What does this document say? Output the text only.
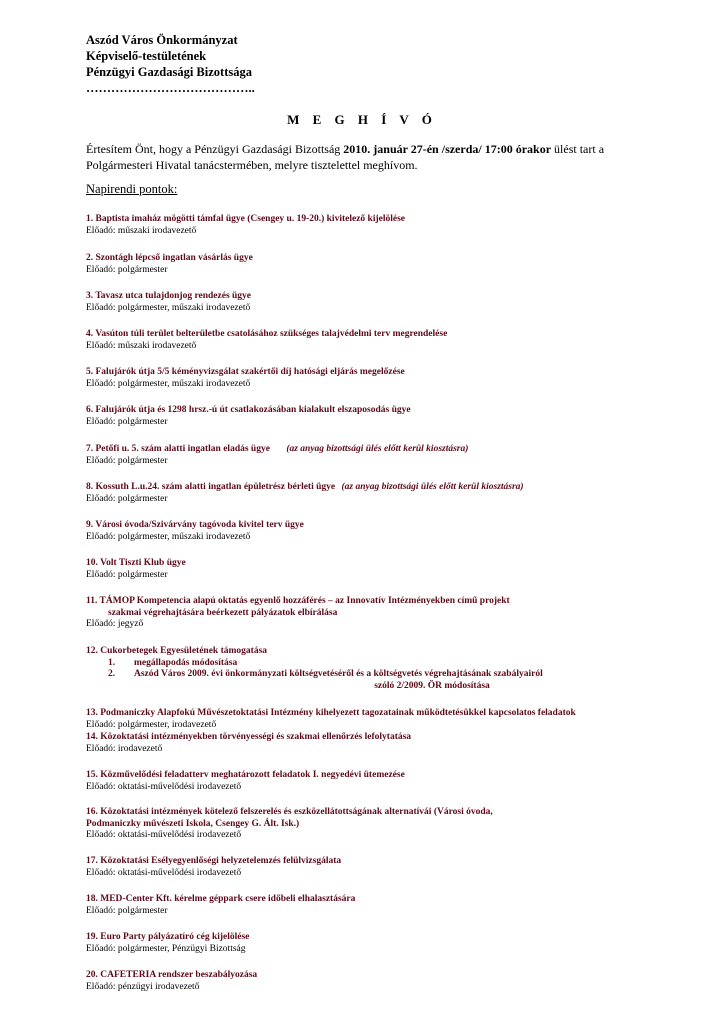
Aszód Város Önkormányzat
Képviselő-testületének
Pénzügyi Gazdasági Bizottsága
…………………………………..
M E G H Í V Ó
Értesítem Önt, hogy a Pénzügyi Gazdasági Bizottság 2010. január 27-én /szerda/ 17:00 órakor ülést tart a Polgármesteri Hivatal tanácstermében, melyre tisztelettel meghívom.
Napirendi pontok:
1. Baptista imaház mögötti támfal ügye (Csengey u. 19-20.) kivitelező kijelölése
Előadó: műszaki irodavezető
2. Szontágh lépcső ingatlan vásárlás ügye
Előadó: polgármester
3. Tavasz utca tulajdonjog rendezés ügye
Előadó: polgármester, műszaki irodavezető
4. Vasúton túli terület belterületbe csatolásához szükséges talajvédelmi terv megrendelése
Előadó: műszaki irodavezető
5. Falujárók útja 5/5 kéményvizsgálat szakértői díj hatósági eljárás megelőzése
Előadó: polgármester, műszaki irodavezető
6. Falujárók útja és 1298 hrsz.-ú út csatlakozásában kialakult elszaposodás ügye
Előadó: polgármester
7. Petőfi u. 5. szám alatti ingatlan eladás ügye (az anyag bizottsági ülés előtt kerül kiosztásra)
Előadó: polgármester
8. Kossuth L.u.24. szám alatti ingatlan épületrész bérleti ügye (az anyag bizottsági ülés előtt kerül kiosztásra)
Előadó: polgármester
9. Városi óvoda/Szivárvány tagóvoda kivitel terv ügye
Előadó: polgármester, műszaki irodavezető
10. Volt Tiszti Klub ügye
Előadó: polgármester
11. TÁMOP Kompetencia alapú oktatás egyenlő hozzáférés – az Innovatív Intézményekben című projekt
szakmai végrehajtására beérkezett pályázatok elbírálása
Előadó: jegyző
12. Cukorbetegek Egyesületének támogatása
1. megállapodás módosítása
2. Aszód Város 2009. évi önkormányzati költségvetéséről és a költségvetés végrehajtásának szabályairól
szóló 2/2009. ÖR módosítása
13. Podmaniczky Alapfokú Művészetoktatási Intézmény kihelyezett tagozatainak működtetésükkel kapcsolatos feladatok
Előadó: polgármester, irodavezető
14. Közoktatási intézményekben törvényességi és szakmai ellenőrzés lefolytatása
Előadó: irodavezető
15. Közművelődési feladatterv meghatározott feladatok I. negyedévi ütemezése
Előadó: oktatási-művelődési irodavezető
16. Közoktatási intézmények kötelező felszerelés és eszközellátottságának alternatívái (Városi óvoda,
Podmaniczky művészeti Iskola, Csengey G. Ált. Isk.)
Előadó: oktatási-művelődési irodavezető
17. Közoktatási Esélyegyenlőségi helyzetelemzés felülvizsgálata
Előadó: oktatási-művelődési irodavezető
18. MED-Center Kft. kérelme géppark csere időbeli elhalasztására
Előadó: polgármester
19. Euro Party pályázatíró cég kijelölése
Előadó: polgármester, Pénzügyi Bizottság
20. CAFETERIA rendszer beszabályozása
Előadó: pénzügyi irodavezető
